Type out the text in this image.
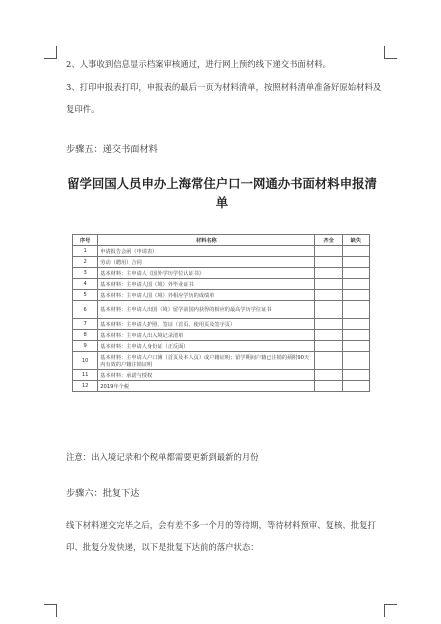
2、人事收到信息显示档案审核通过，进行网上预约线下递交书面材料。

3、打印申报表打印，申报表的最后一页为材料清单，按照材料清单准备好原始材料及复印件。

步骤五：递交书面材料

留学回国人员申办上海常住户口一网通办书面材料申报清单

序号	材料名称	齐全	缺失
1	申请报告会函（申请表）		
2	劳动（聘用）合同		
3	基本材料：主申请人《国外学历学位认证书》		
4	基本材料：主申请人国（境）外毕业证书		
5	基本材料：主申请人国（境）外相应学历的成绩单		
6	基本材料：主申请人出国（境）留学前国内获得的相应的最高学历学位证书		
7	基本材料：主申请人护照、签证（首页、使用页及签字页）		
8	基本材料：主申请人出入境记录清单		
9	基本材料：主申请人身份证（正反面）		
10	基本材料：主申请人户口簿（首页及本人页）或户籍证明；留学期间户籍已注销的须附90天内有效的户籍注销证明		
11	基本材料：承诺与授权		
12	2019年个税		

注意：出入境记录和个税单都需要更新到最新的月份

步骤六：批复下达

线下材料递交完毕之后，会有差不多一个月的等待期，等待材料预审、复核、批复打印、批复分发快递，以下是批复下达前的落户状态：
